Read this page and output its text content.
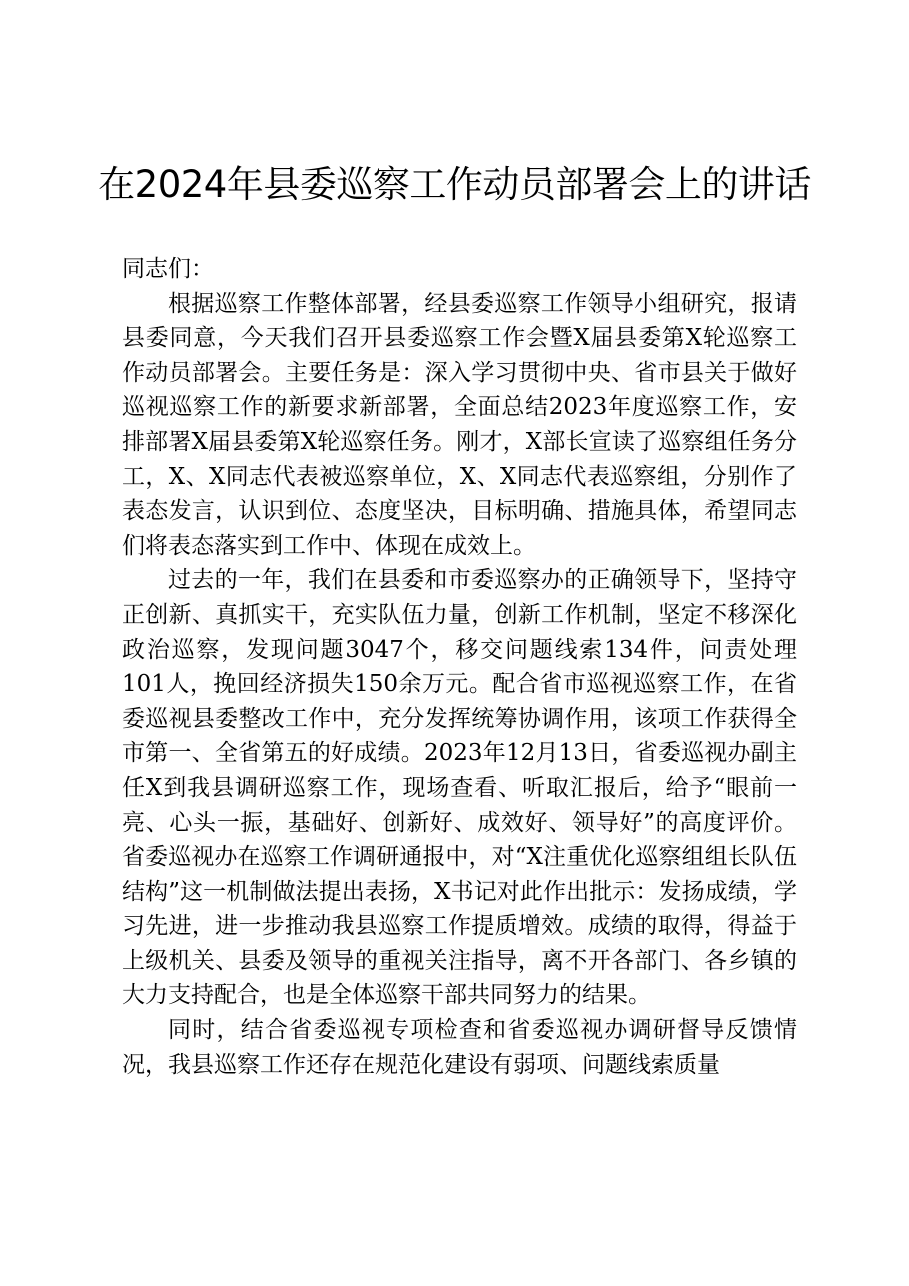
在2024年县委巡察工作动员部署会上的讲话

同志们：

根据巡察工作整体部署，经县委巡察工作领导小组研究，报请县委同意，今天我们召开县委巡察工作会暨X届县委第X轮巡察工作动员部署会。主要任务是：深入学习贯彻中央、省市县关于做好巡视巡察工作的新要求新部署，全面总结2023年度巡察工作，安排部署X届县委第X轮巡察任务。刚才，X部长宣读了巡察组任务分工，X、X同志代表被巡察单位，X、X同志代表巡察组，分别作了表态发言，认识到位、态度坚决，目标明确、措施具体，希望同志们将表态落实到工作中、体现在成效上。

过去的一年，我们在县委和市委巡察办的正确领导下，坚持守正创新、真抓实干，充实队伍力量，创新工作机制，坚定不移深化政治巡察，发现问题3047个，移交问题线索134件，问责处理101人，挽回经济损失150余万元。配合省市巡视巡察工作，在省委巡视县委整改工作中，充分发挥统筹协调作用，该项工作获得全市第一、全省第五的好成绩。2023年12月13日，省委巡视办副主任X到我县调研巡察工作，现场查看、听取汇报后，给予“眼前一亮、心头一振，基础好、创新好、成效好、领导好”的高度评价。省委巡视办在巡察工作调研通报中，对“X注重优化巡察组组长队伍结构”这一机制做法提出表扬，X书记对此作出批示：发扬成绩，学习先进，进一步推动我县巡察工作提质增效。成绩的取得，得益于上级机关、县委及领导的重视关注指导，离不开各部门、各乡镇的大力支持配合，也是全体巡察干部共同努力的结果。

同时，结合省委巡视专项检查和省委巡视办调研督导反馈情况，我县巡察工作还存在规范化建设有弱项、问题线索质量
